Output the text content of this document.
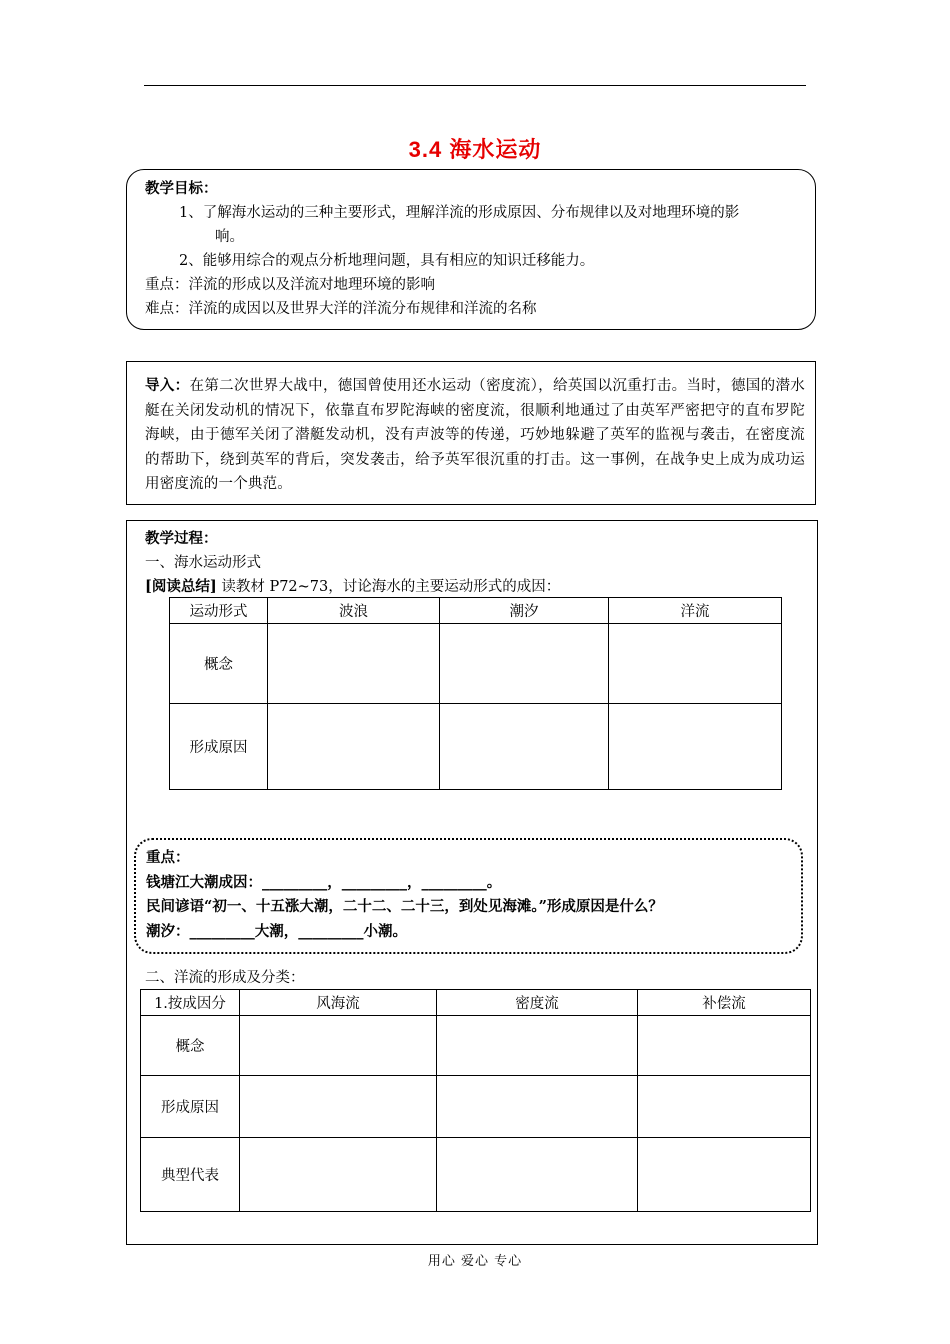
3.4 海水运动
教学目标：
1、了解海水运动的三种主要形式，理解洋流的形成原因、分布规律以及对地理环境的影
响。
2、能够用综合的观点分析地理问题，具有相应的知识迁移能力。
重点：洋流的形成以及洋流对地理环境的影响
难点：洋流的成因以及世界大洋的洋流分布规律和洋流的名称
导入：在第二次世界大战中，德国曾使用还水运动（密度流），给英国以沉重打击。当时，德国的潜水艇在关闭发动机的情况下，依靠直布罗陀海峡的密度流，很顺利地通过了由英军严密把守的直布罗陀海峡，由于德军关闭了潜艇发动机，没有声波等的传递，巧妙地躲避了英军的监视与袭击，在密度流的帮助下，绕到英军的背后，突发袭击，给予英军很沉重的打击。这一事例，在战争史上成为成功运用密度流的一个典范。
教学过程：
一、海水运动形式
[阅读总结] 读教材 P72~73，讨论海水的主要运动形式的成因：
运动形式	波浪	潮汐	洋流
概念			
形成原因			
重点：
钱塘江大潮成因：_________，_________，_________。
民间谚语“初一、十五涨大潮，二十二、二十三，到处见海滩。”形成原因是什么？
潮汐：_________大潮，_________小潮。
二、洋流的形成及分类：
1.按成因分	风海流	密度流	补偿流
概念			
形成原因			
典型代表			
用心 爱心 专心
